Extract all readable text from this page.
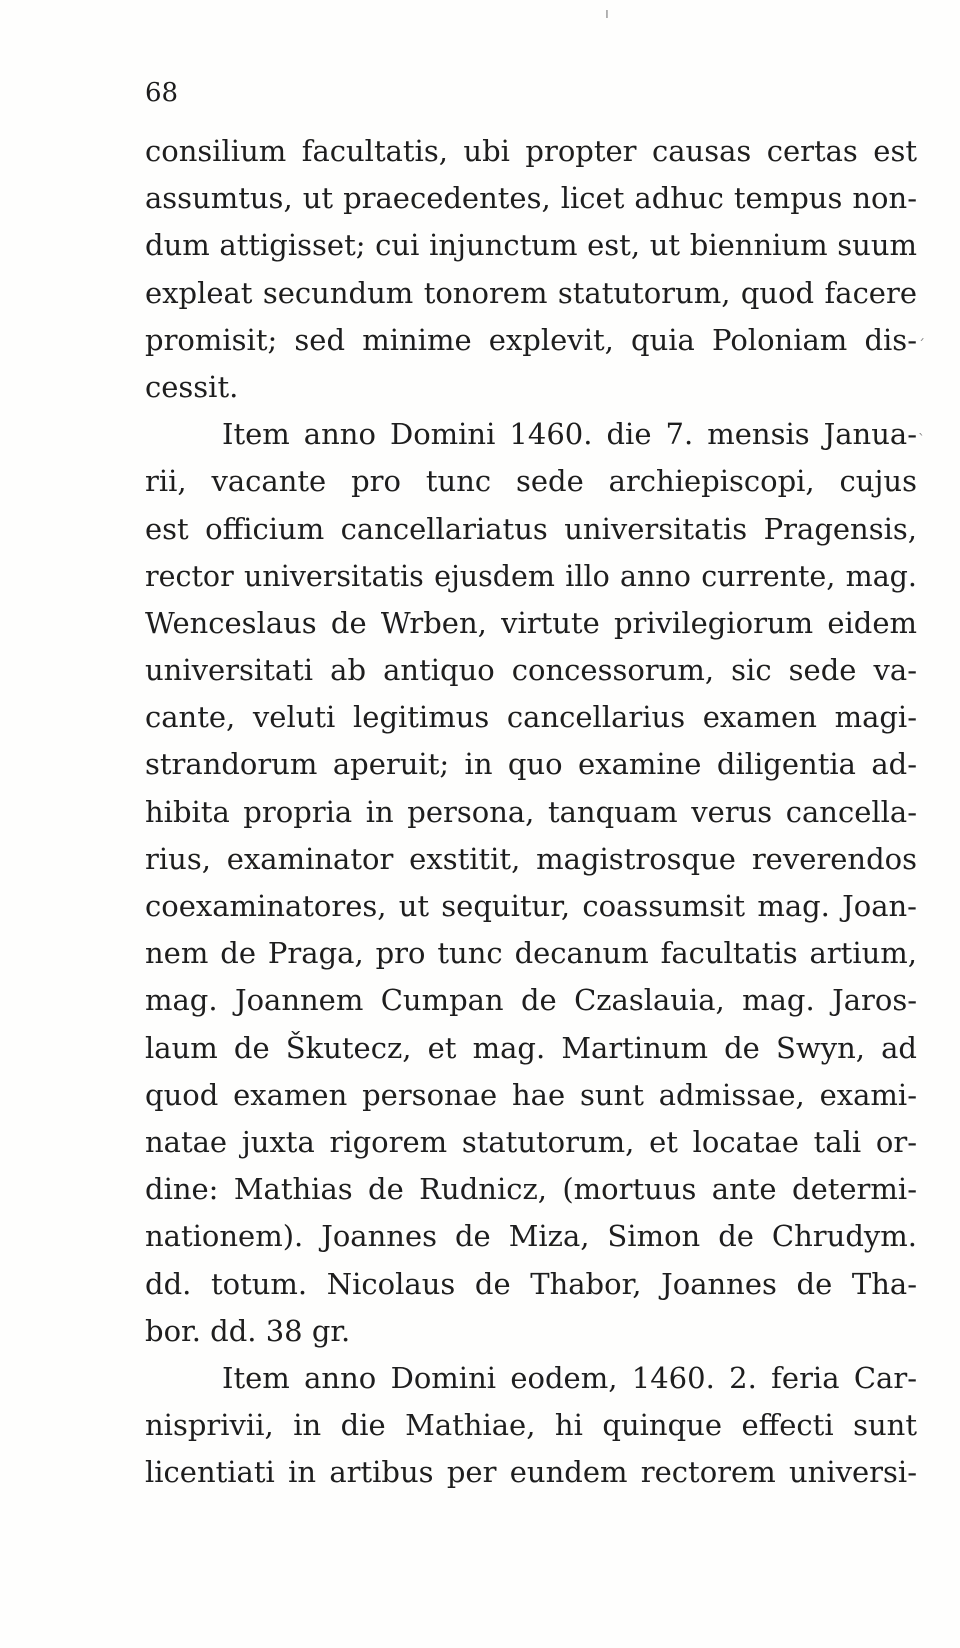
ı
ˊ
ˎ

68

consilium facultatis, ubi propter causas certas est
assumtus, ut praecedentes, licet adhuc tempus non-
dum attigisset; cui injunctum est, ut biennium suum
expleat secundum tonorem statutorum, quod facere
promisit; sed minime explevit, quia Poloniam dis-
cessit.
Item anno Domini 1460. die 7. mensis Janua-
rii, vacante pro tunc sede archiepiscopi, cujus
est officium cancellariatus universitatis Pragensis,
rector universitatis ejusdem illo anno currente, mag.
Wenceslaus de Wrben, virtute privilegiorum eidem
universitati ab antiquo concessorum, sic sede va-
cante, veluti legitimus cancellarius examen magi-
strandorum aperuit; in quo examine diligentia ad-
hibita propria in persona, tanquam verus cancella-
rius, examinator exstitit, magistrosque reverendos
coexaminatores, ut sequitur, coassumsit mag. Joan-
nem de Praga, pro tunc decanum facultatis artium,
mag. Joannem Cumpan de Czaslauia, mag. Jaros-
laum de Škutecz, et mag. Martinum de Swyn, ad
quod examen personae hae sunt admissae, exami-
natae juxta rigorem statutorum, et locatae tali or-
dine: Mathias de Rudnicz, (mortuus ante determi-
nationem). Joannes de Miza, Simon de Chrudym.
dd. totum. Nicolaus de Thabor, Joannes de Tha-
bor. dd. 38 gr.
Item anno Domini eodem, 1460. 2. feria Car-
nisprivii, in die Mathiae, hi quinque effecti sunt
licentiati in artibus per eundem rectorem universi-
